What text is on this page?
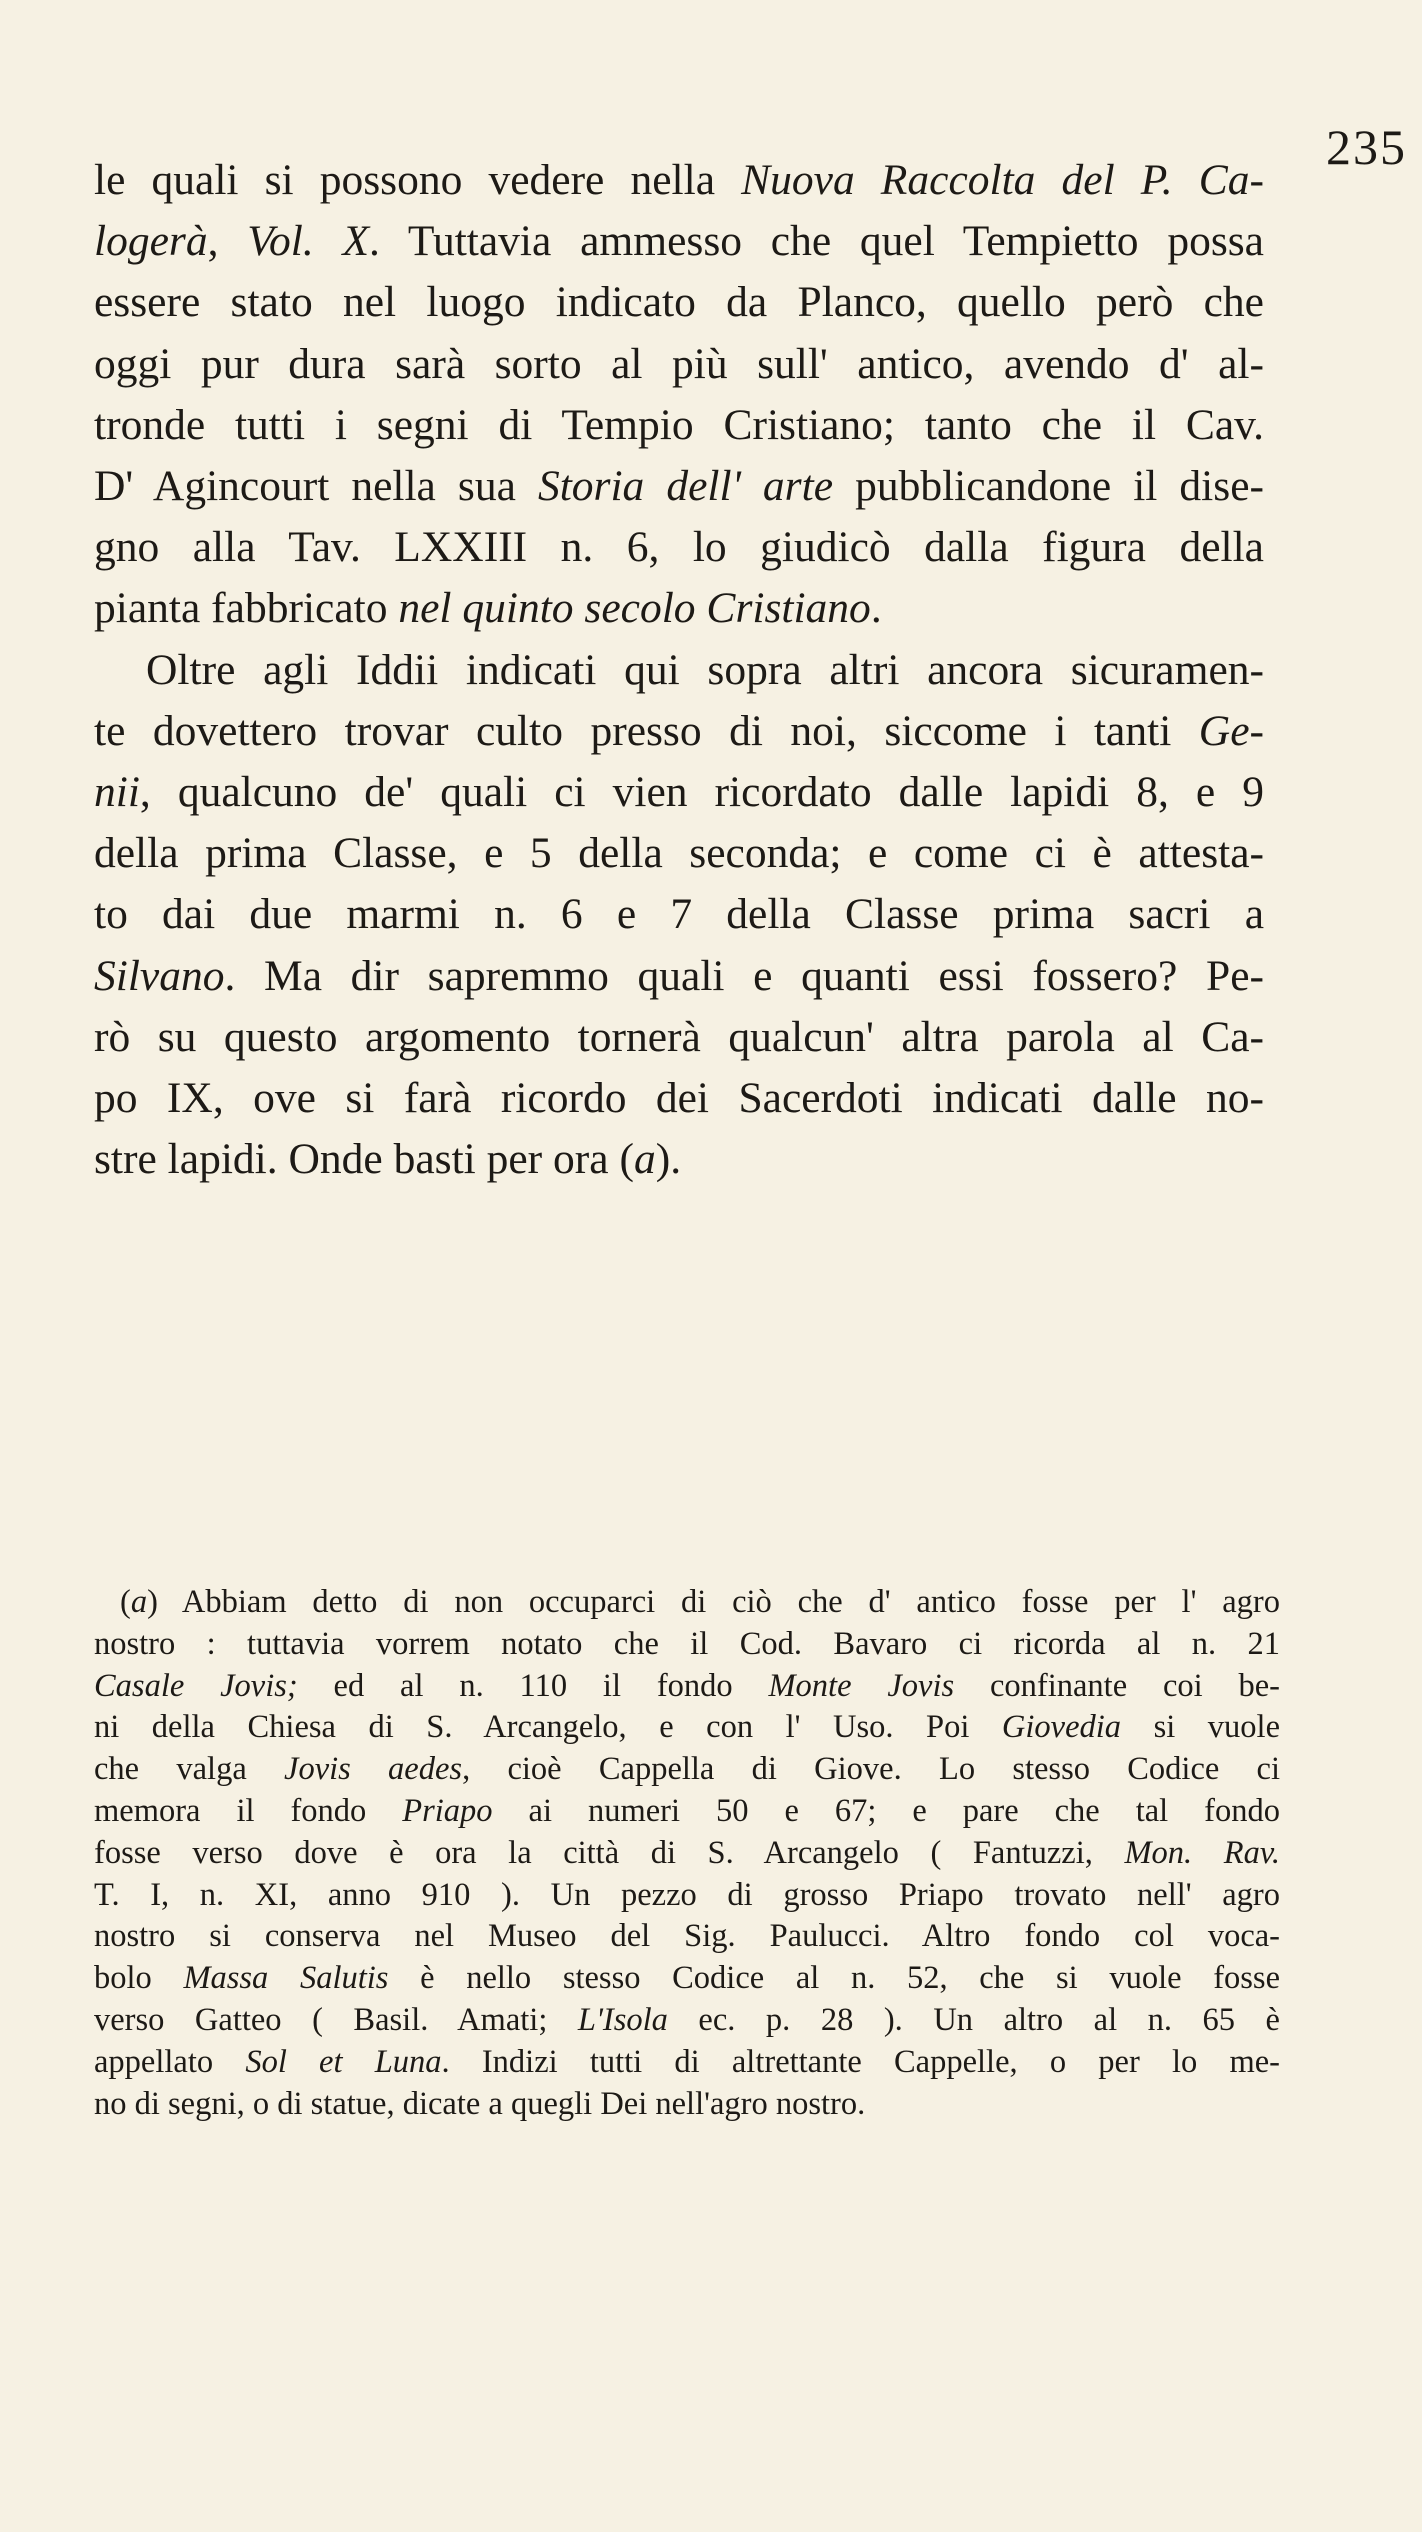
235
le quali si possono vedere nella Nuova Raccolta del P. Ca-
logerà, Vol. X. Tuttavia ammesso che quel Tempietto possa
essere stato nel luogo indicato da Planco, quello però che
oggi pur dura sarà sorto al più sull' antico, avendo d' al-
tronde tutti i segni di Tempio Cristiano; tanto che il Cav.
D' Agincourt nella sua Storia dell' arte pubblicandone il dise-
gno alla Tav. LXXIII n. 6, lo giudicò dalla figura della
pianta fabbricato nel quinto secolo Cristiano.
Oltre agli Iddii indicati qui sopra altri ancora sicuramen-
te dovettero trovar culto presso di noi, siccome i tanti Ge-
nii, qualcuno de' quali ci vien ricordato dalle lapidi 8, e 9
della prima Classe, e 5 della seconda; e come ci è attesta-
to dai due marmi n. 6 e 7 della Classe prima sacri a
Silvano. Ma dir sapremmo quali e quanti essi fossero? Pe-
rò su questo argomento tornerà qualcun' altra parola al Ca-
po IX, ove si farà ricordo dei Sacerdoti indicati dalle no-
stre lapidi. Onde basti per ora (a).
(a) Abbiam detto di non occuparci di ciò che d' antico fosse per l' agro
nostro : tuttavia vorrem notato che il Cod. Bavaro ci ricorda al n. 21
Casale Jovis; ed al n. 110 il fondo Monte Jovis confinante coi be-
ni della Chiesa di S. Arcangelo, e con l' Uso. Poi Giovedia si vuole
che valga Jovis aedes, cioè Cappella di Giove. Lo stesso Codice ci
memora il fondo Priapo ai numeri 50 e 67; e pare che tal fondo
fosse verso dove è ora la città di S. Arcangelo ( Fantuzzi, Mon. Rav.
T. I, n. XI, anno 910 ). Un pezzo di grosso Priapo trovato nell' agro
nostro si conserva nel Museo del Sig. Paulucci. Altro fondo col voca-
bolo Massa Salutis è nello stesso Codice al n. 52, che si vuole fosse
verso Gatteo ( Basil. Amati; L'Isola ec. p. 28 ). Un altro al n. 65 è
appellato Sol et Luna. Indizi tutti di altrettante Cappelle, o per lo me-
no di segni, o di statue, dicate a quegli Dei nell'agro nostro.
